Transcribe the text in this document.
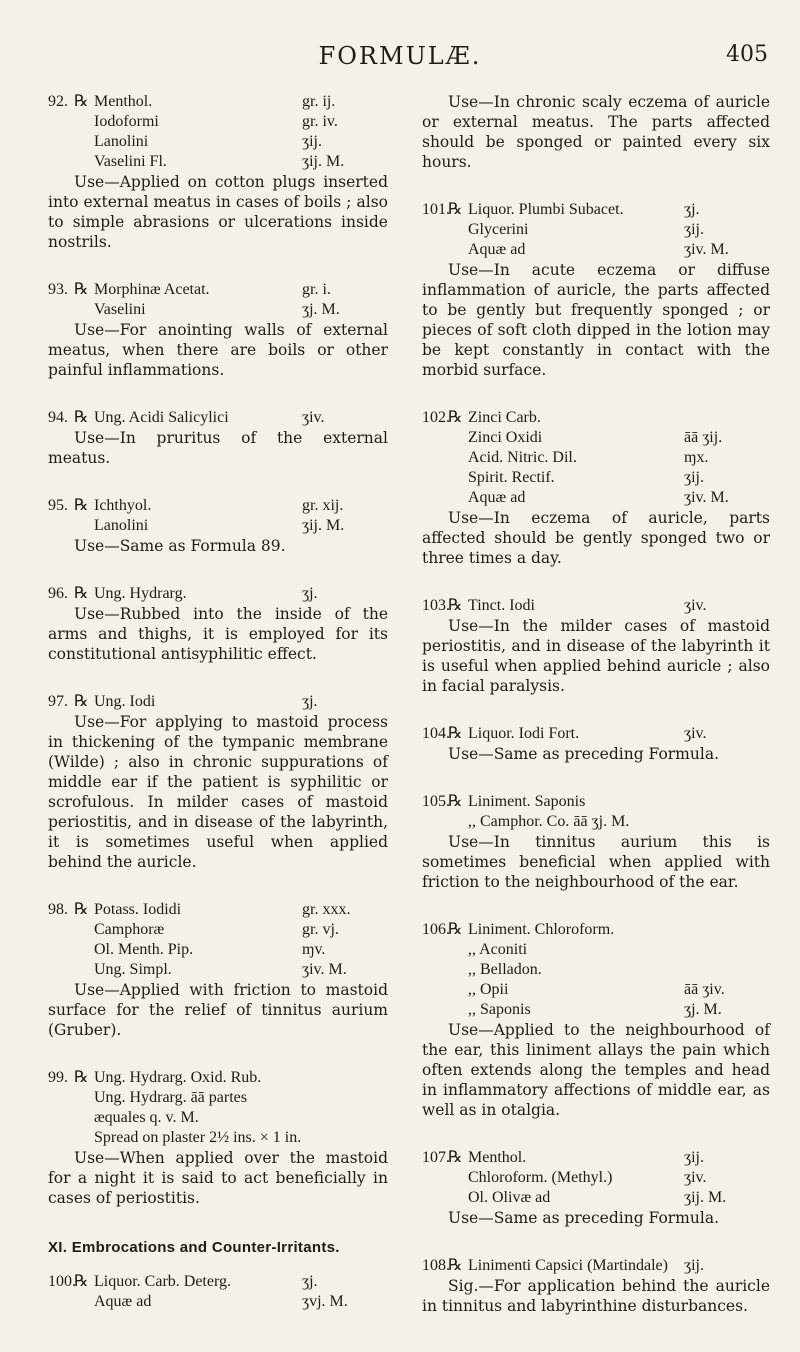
FORMULÆ.	405
92. ℞ Menthol.	gr. ij.
Iodoformi	gr. iv.
Lanolini	ʒij.
Vaselini Fl.	ʒij. M.

Use—Applied on cotton plugs inserted into external meatus in cases of boils ; also to simple abrasions or ulcerations inside nostrils.

93. ℞ Morphinæ Acetat.	gr. i.
Vaselini	ʒj. M.

Use—For anointing walls of external meatus, when there are boils or other painful inflammations.

94. ℞ Ung. Acidi Salicylici	ʒiv.

Use—In pruritus of the external meatus.

95. ℞ Ichthyol.	gr. xij.
Lanolini	ʒij. M.

Use—Same as Formula 89.

96. ℞ Ung. Hydrarg.	ʒj.

Use—Rubbed into the inside of the arms and thighs, it is employed for its constitutional antisyphilitic effect.

97. ℞ Ung. Iodi	ʒj.

Use—For applying to mastoid process in thickening of the tympanic membrane (Wilde) ; also in chronic suppurations of middle ear if the patient is syphilitic or scrofulous. In milder cases of mastoid periostitis, and in disease of the labyrinth, it is sometimes useful when applied behind the auricle.

98. ℞ Potass. Iodidi	gr. xxx.
Camphoræ	gr. vj.
Ol. Menth. Pip.	ɱv.
Ung. Simpl.	ʒiv. M.

Use—Applied with friction to mastoid surface for the relief of tinnitus aurium (Gruber).

99. ℞ Ung. Hydrarg. Oxid. Rub.
Ung. Hydrarg. āā partes æquales q. v. M.
Spread on plaster 2½ ins. × 1 in.

Use—When applied over the mastoid for a night it is said to act beneficially in cases of periostitis.

XI. Embrocations and Counter-Irritants.
100.
℞ Liquor. Carb. Deterg.	ʒj.
Aquæ ad	ʒvj. M.

Use—In chronic scaly eczema of auricle or external meatus. The parts affected should be sponged or painted every six hours.

101.
℞ Liquor. Plumbi Subacet.	ʒj.
Glycerini	ʒij.
Aquæ ad	ʒiv. M.

Use—In acute eczema or diffuse inflammation of auricle, the parts affected to be gently but frequently sponged ; or pieces of soft cloth dipped in the lotion may be kept constantly in contact with the morbid surface.

102.
℞ Zinci Carb.
Zinci Oxidi	āā ʒij.
Acid. Nitric. Dil.	ɱx.
Spirit. Rectif.	ʒij.
Aquæ ad	ʒiv. M.

Use—In eczema of auricle, parts affected should be gently sponged two or three times a day.

103.
℞ Tinct. Iodi	ʒiv.

Use—In the milder cases of mastoid periostitis, and in disease of the labyrinth it is useful when applied behind auricle ; also in facial paralysis.

104.
℞ Liquor. Iodi Fort.	ʒiv.

Use—Same as preceding Formula.

105.
℞ Liniment. Saponis
,, Camphor. Co. āā ʒj. M.

Use—In tinnitus aurium this is sometimes beneficial when applied with friction to the neighbourhood of the ear.

106.
℞ Liniment. Chloroform.
,, Aconiti
,, Belladon.
,, Opii	āā ʒiv.
,, Saponis	ʒj. M.

Use—Applied to the neighbourhood of the ear, this liniment allays the pain which often extends along the temples and head in inflammatory affections of middle ear, as well as in otalgia.

107.
℞ Menthol.	ʒij.
Chloroform. (Methyl.)	ʒiv.
Ol. Olivæ ad	ʒij. M.

Use—Same as preceding Formula.

108.
℞ Linimenti Capsici (Martindale)	ʒij.

Sig.—For application behind the auricle in tinnitus and labyrinthine disturbances.
